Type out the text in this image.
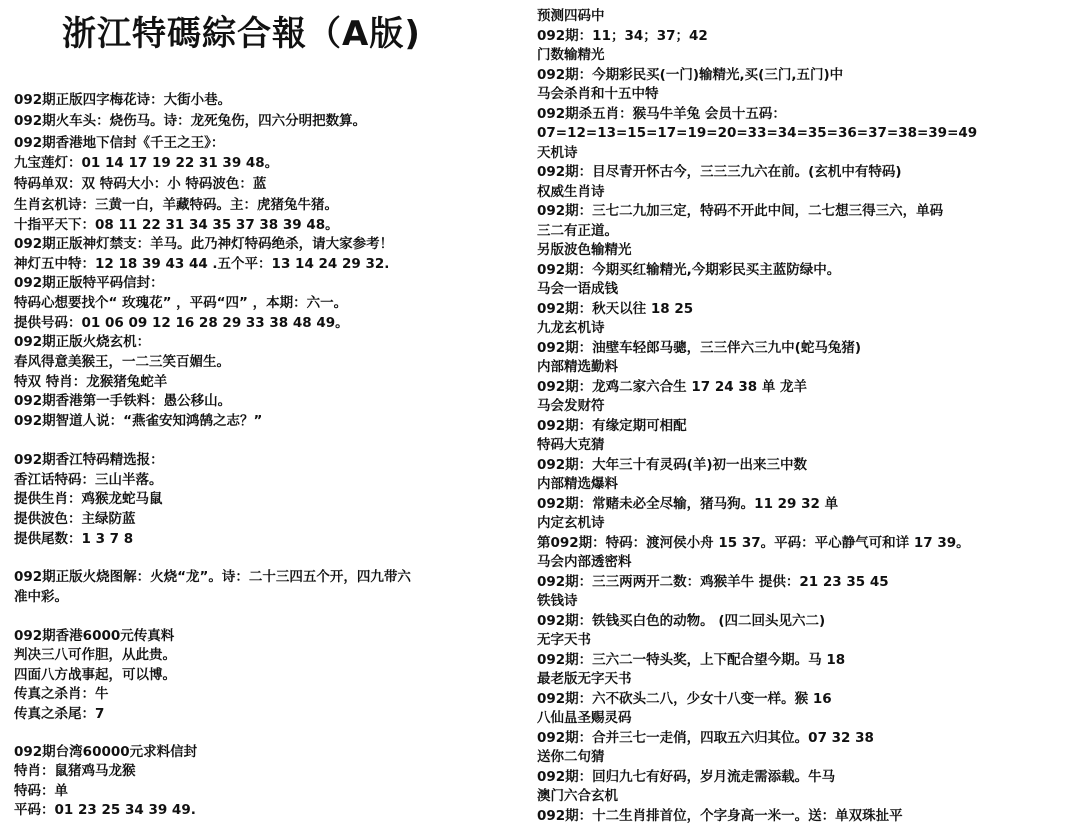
浙江特碼綜合報（A版)
092期正版四字梅花诗：大街小巷。
092期火车头：烧伤马。诗：龙死兔伤，四六分明把数算。
092期香港地下信封《千王之王》：
九宝莲灯：01 14 17 19 22 31 39 48。
特码单双：双 特码大小：小 特码波色：蓝
生肖玄机诗：三黄一白，羊藏特码。主：虎猪兔牛猪。
十指平天下：08 11 22 31 34 35 37 38 39 48。
092期正版神灯禁支：羊马。此乃神灯特码绝杀，请大家参考！
神灯五中特：12 18 39 43 44 .五个平：13 14 24 29 32.
092期正版特平码信封：
特码心想要找个“ 玫瑰花” ，平码“四” ，本期：六一。
提供号码：01 06 09 12 16 28 29 33 38 48 49。
092期正版火烧玄机：
春风得意美猴王，一二三笑百媚生。
特双 特肖：龙猴猪兔蛇羊
092期香港第一手铁料：愚公移山。
092期智道人说：“燕雀安知鸿鹄之志？”
092期香江特码精选报：
香江话特码：三山半落。
提供生肖：鸡猴龙蛇马鼠
提供波色：主绿防蓝
提供尾数：1 3 7 8
092期正版火烧图解：火烧“龙”。诗：二十三四五个开，四九带六
准中彩。
092期香港6000元传真料
判决三八可作胆，从此贵。
四面八方战事起，可以博。
传真之杀肖：牛
传真之杀尾：7
092期台湾60000元求料信封
特肖：鼠猪鸡马龙猴
特码：单
平码：01 23 25 34 39 49.
预测四码中
092期：11；34；37；42
门数输精光
092期：今期彩民买(一门)输精光,买(三门,五门)中
马会杀肖和十五中特
092期杀五肖：猴马牛羊兔 会员十五码：
07=12=13=15=17=19=20=33=34=35=36=37=38=39=49
天机诗
092期：目尽青开怀古今，三三三九六在前。(玄机中有特码)
权威生肖诗
092期：三七二九加三定，特码不开此中间，二七想三得三六，单码
三二有正道。
另版波色输精光
092期：今期买红输精光,今期彩民买主蓝防绿中。
马会一语成钱
092期：秋天以往 18 25
九龙玄机诗
092期：油壁车轻郎马骢，三三伴六三九中(蛇马兔猪)
内部精选勤料
092期：龙鸡二家六合生 17 24 38 单 龙羊
马会发财符
092期：有缘定期可相配
特码大克猜
092期：大年三十有灵码(羊)初一出来三中数
内部精选爆料
092期：常赌未必全尽输，猪马狗。11 29 32 单
内定玄机诗
第092期：特码：渡河侯小舟 15 37。平码：平心静气可和详 17 39。
马会内部透密料
092期：三三两两开二数：鸡猴羊牛 提供：21 23 35 45
铁钱诗
092期：铁钱买白色的动物。 (四二回头见六二)
无字天书
092期：三六二一特头奖，上下配合望今期。马 18
最老版无字天书
092期：六不砍头二八，少女十八变一样。猴 16
八仙昷圣赐灵码
092期：合并三七一走俏，四取五六归其位。07 32 38
送你二句猜
092期：回归九七有好码，岁月流走需添载。牛马
澳门六合玄机
092期：十二生肖排首位，个字身高一米一。送：单双珠扯平
